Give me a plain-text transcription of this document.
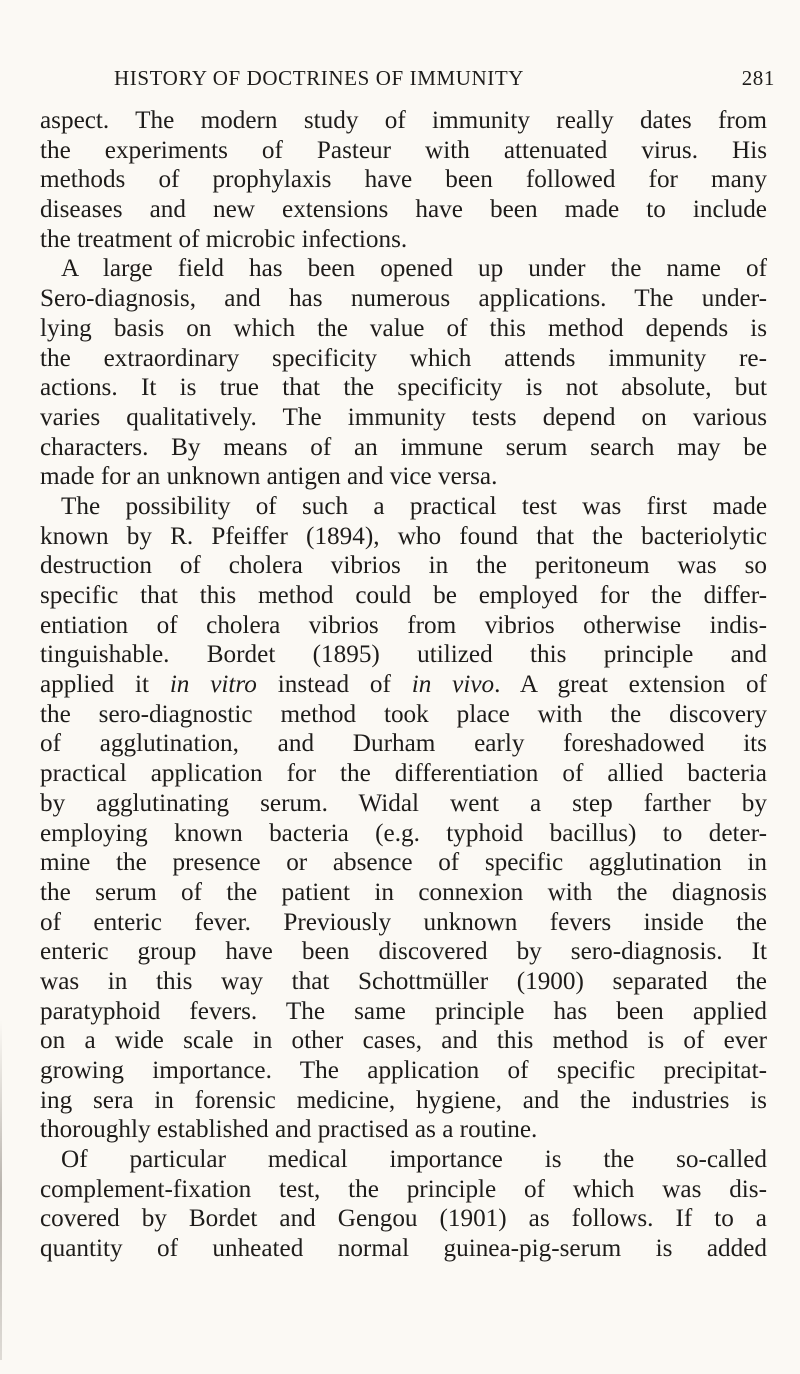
HISTORY OF DOCTRINES OF IMMUNITY	281
aspect. The modern study of immunity really dates from
the experiments of Pasteur with attenuated virus. His
methods of prophylaxis have been followed for many
diseases and new extensions have been made to include
the treatment of microbic infections.
A large field has been opened up under the name of
Sero-diagnosis, and has numerous applications. The under-
lying basis on which the value of this method depends is
the extraordinary specificity which attends immunity re-
actions. It is true that the specificity is not absolute, but
varies qualitatively. The immunity tests depend on various
characters. By means of an immune serum search may be
made for an unknown antigen and vice versa.
The possibility of such a practical test was first made
known by R. Pfeiffer (1894), who found that the bacteriolytic
destruction of cholera vibrios in the peritoneum was so
specific that this method could be employed for the differ-
entiation of cholera vibrios from vibrios otherwise indis-
tinguishable. Bordet (1895) utilized this principle and
applied it in vitro instead of in vivo. A great extension of
the sero-diagnostic method took place with the discovery
of agglutination, and Durham early foreshadowed its
practical application for the differentiation of allied bacteria
by agglutinating serum. Widal went a step farther by
employing known bacteria (e.g. typhoid bacillus) to deter-
mine the presence or absence of specific agglutination in
the serum of the patient in connexion with the diagnosis
of enteric fever. Previously unknown fevers inside the
enteric group have been discovered by sero-diagnosis. It
was in this way that Schottmüller (1900) separated the
paratyphoid fevers. The same principle has been applied
on a wide scale in other cases, and this method is of ever
growing importance. The application of specific precipitat-
ing sera in forensic medicine, hygiene, and the industries is
thoroughly established and practised as a routine.
Of particular medical importance is the so-called
complement-fixation test, the principle of which was dis-
covered by Bordet and Gengou (1901) as follows. If to a
quantity of unheated normal guinea-pig-serum is added
